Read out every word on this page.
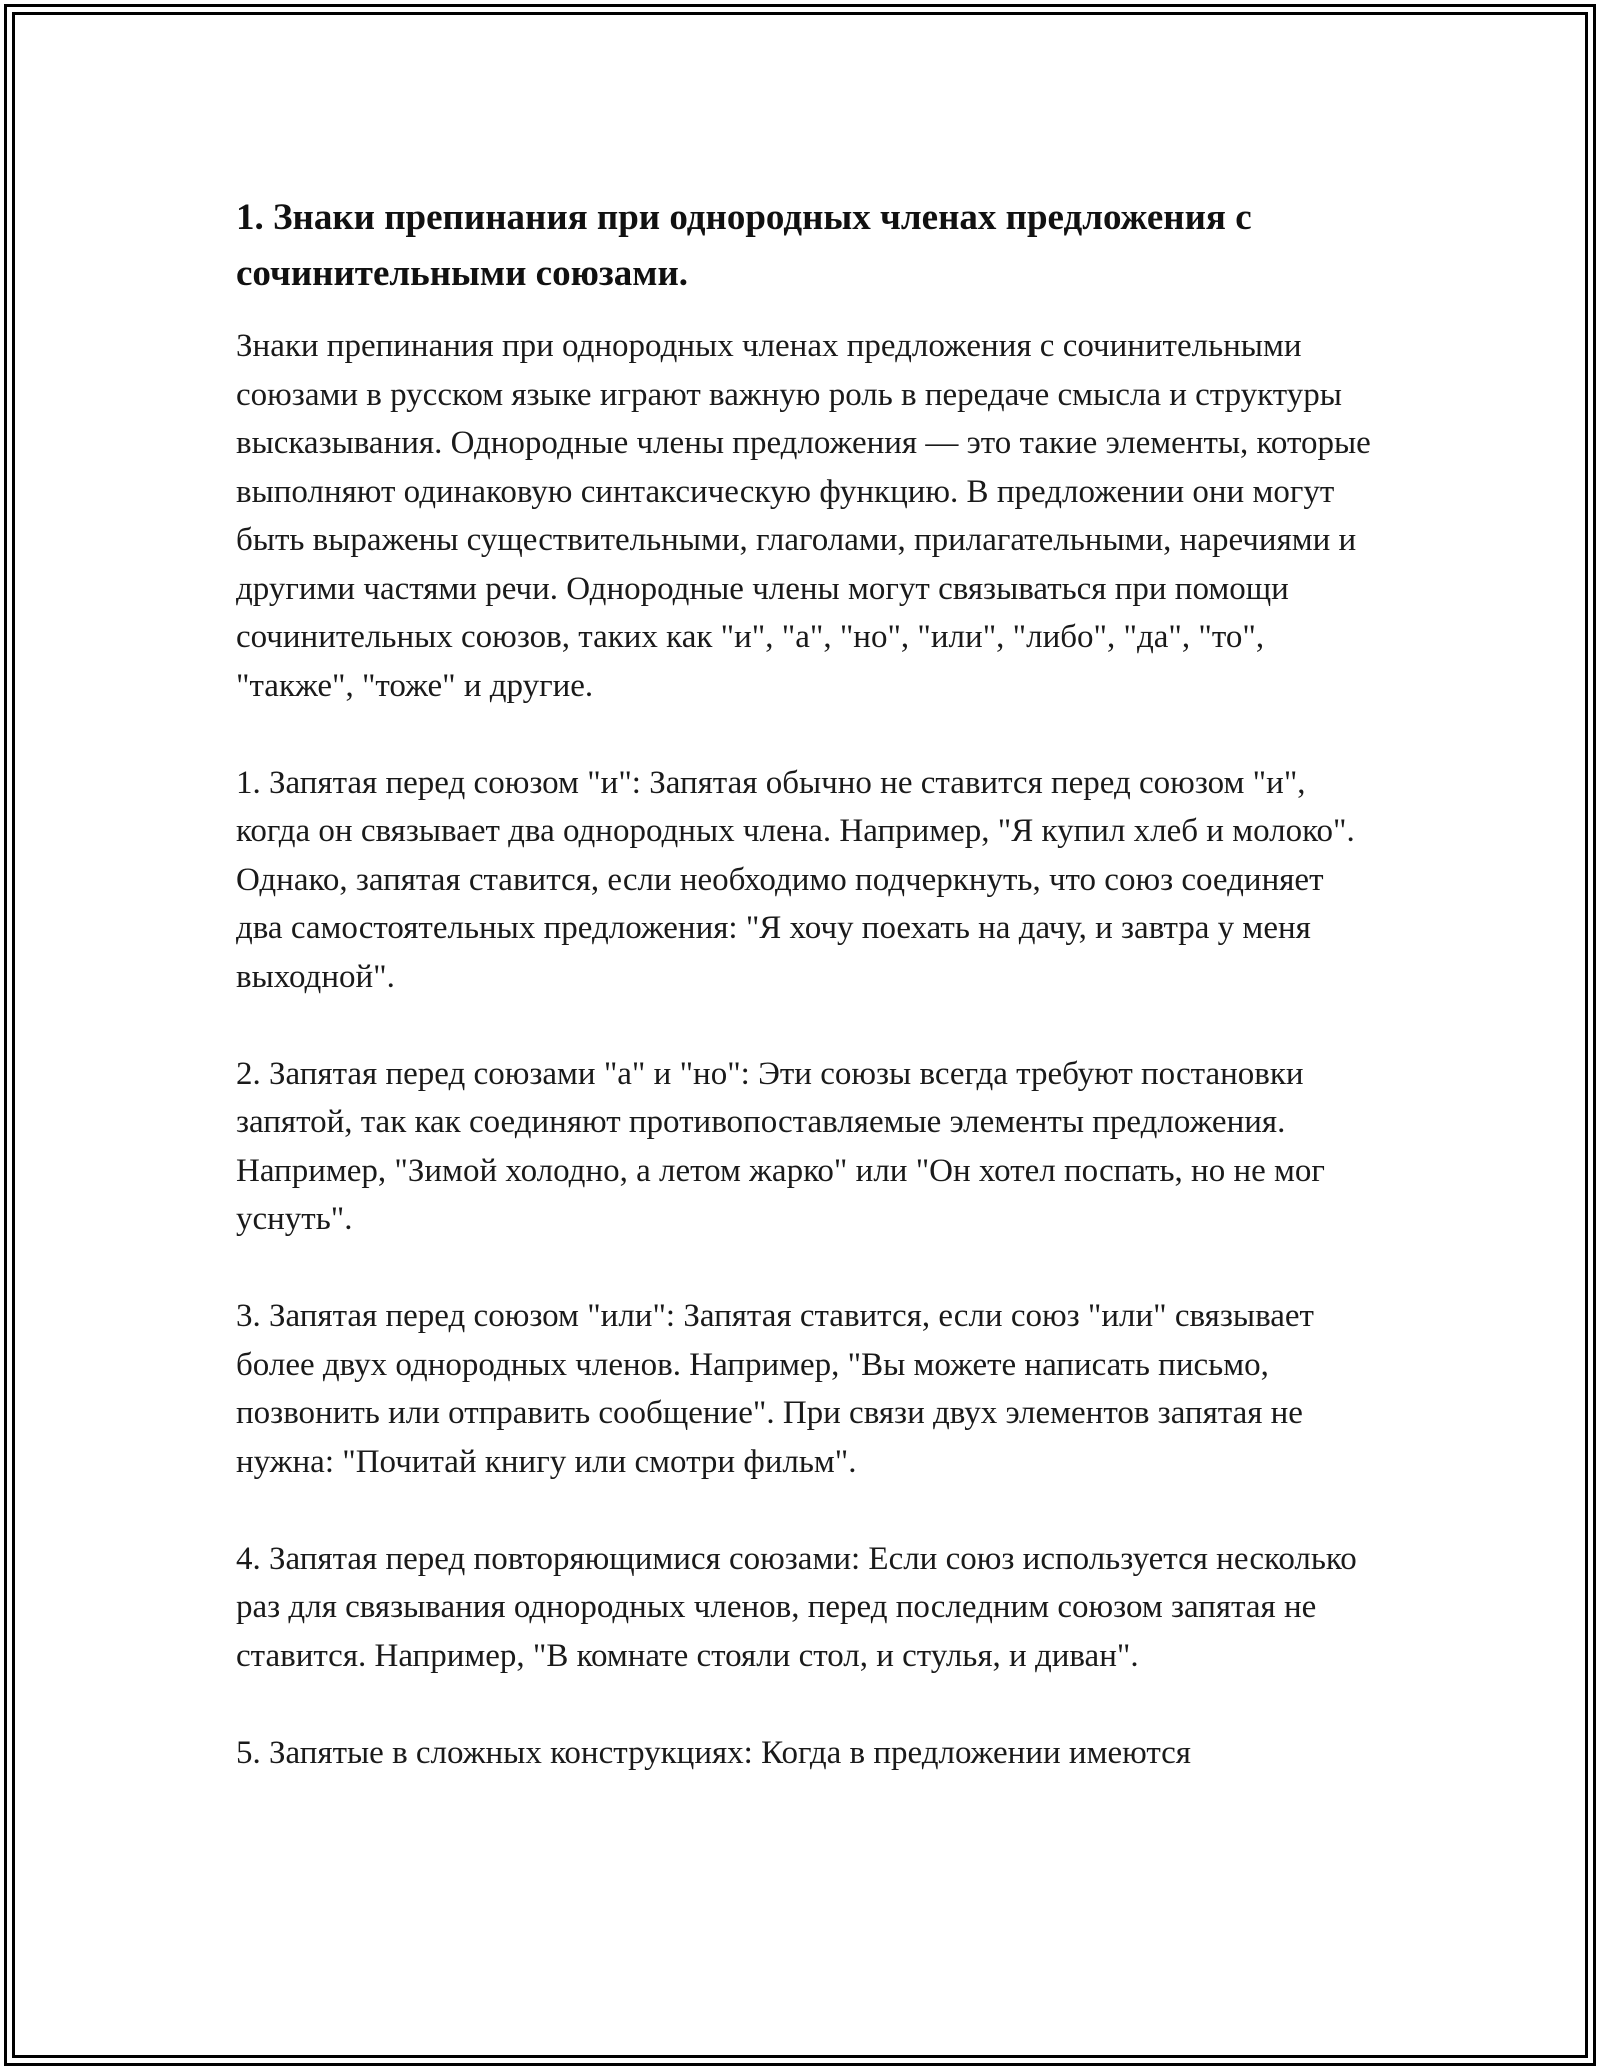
1. Знаки препинания при однородных членах предложения с сочинительными союзами.

Знаки препинания при однородных членах предложения с сочинительными союзами в русском языке играют важную роль в передаче смысла и структуры высказывания. Однородные члены предложения — это такие элементы, которые выполняют одинаковую синтаксическую функцию. В предложении они могут быть выражены существительными, глаголами, прилагательными, наречиями и другими частями речи. Однородные члены могут связываться при помощи сочинительных союзов, таких как "и", "а", "но", "или", "либо", "да", "то", "также", "тоже" и другие.

1. Запятая перед союзом "и": Запятая обычно не ставится перед союзом "и", когда он связывает два однородных члена. Например, "Я купил хлеб и молоко". Однако, запятая ставится, если необходимо подчеркнуть, что союз соединяет два самостоятельных предложения: "Я хочу поехать на дачу, и завтра у меня выходной".

2. Запятая перед союзами "а" и "но": Эти союзы всегда требуют постановки запятой, так как соединяют противопоставляемые элементы предложения. Например, "Зимой холодно, а летом жарко" или "Он хотел поспать, но не мог уснуть".

3. Запятая перед союзом "или": Запятая ставится, если союз "или" связывает более двух однородных членов. Например, "Вы можете написать письмо, позвонить или отправить сообщение". При связи двух элементов запятая не нужна: "Почитай книгу или смотри фильм".

4. Запятая перед повторяющимися союзами: Если союз используется несколько раз для связывания однородных членов, перед последним союзом запятая не ставится. Например, "В комнате стояли стол, и стулья, и диван".

5. Запятые в сложных конструкциях: Когда в предложении имеются
